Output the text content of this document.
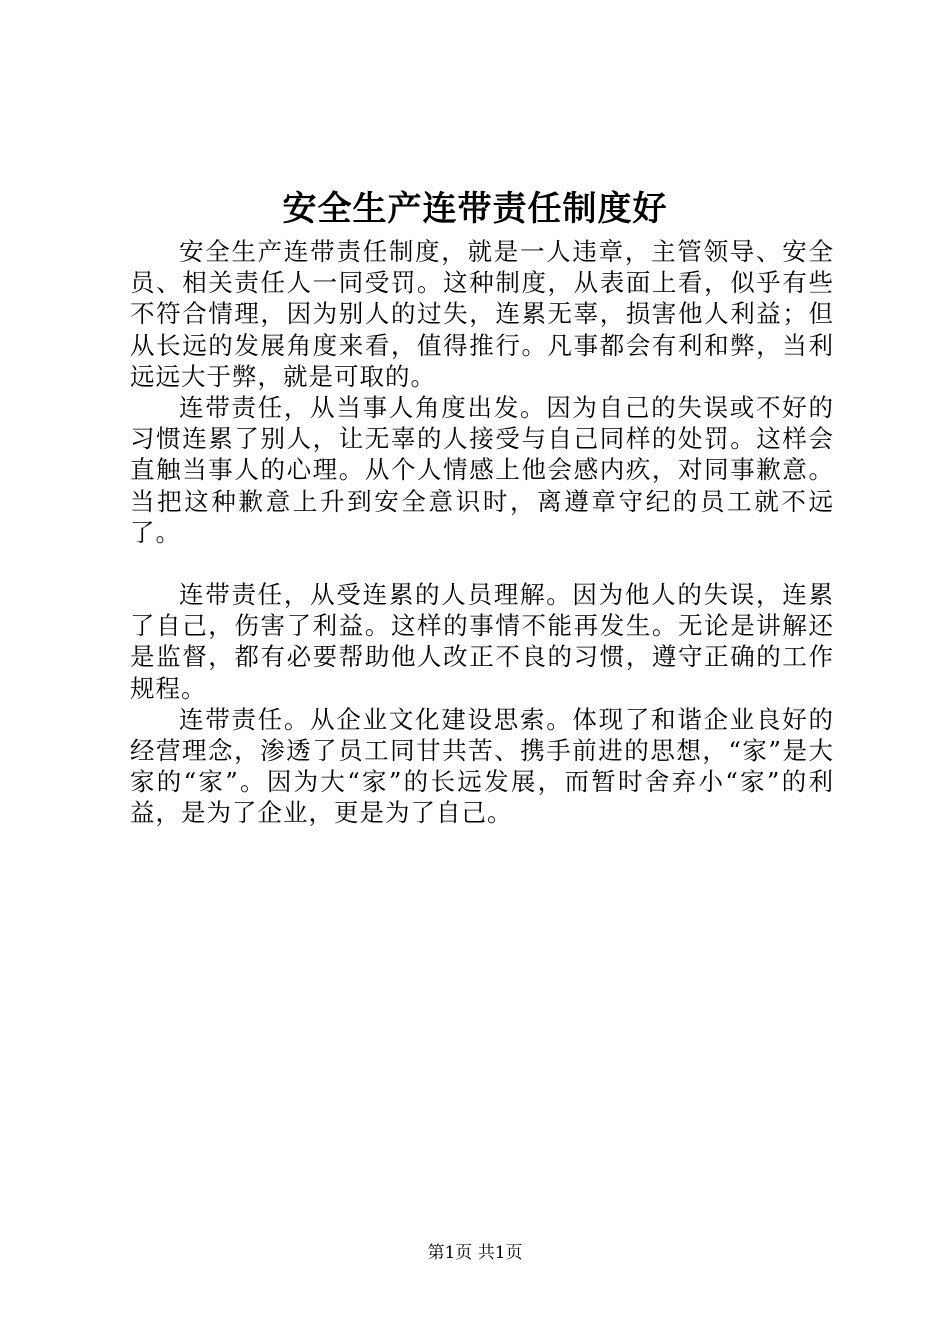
安全生产连带责任制度好

安全生产连带责任制度，就是一人违章，主管领导、安全员、相关责任人一同受罚。这种制度，从表面上看，似乎有些不符合情理，因为别人的过失，连累无辜，损害他人利益；但从长远的发展角度来看，值得推行。凡事都会有利和弊，当利远远大于弊，就是可取的。

连带责任，从当事人角度出发。因为自己的失误或不好的习惯连累了别人，让无辜的人接受与自己同样的处罚。这样会直触当事人的心理。从个人情感上他会感内疚，对同事歉意。当把这种歉意上升到安全意识时，离遵章守纪的员工就不远了。

连带责任，从受连累的人员理解。因为他人的失误，连累了自己，伤害了利益。这样的事情不能再发生。无论是讲解还是监督，都有必要帮助他人改正不良的习惯，遵守正确的工作规程。

连带责任。从企业文化建设思索。体现了和谐企业良好的经营理念，渗透了员工同甘共苦、携手前进的思想，“家”是大家的“家”。因为大“家”的长远发展，而暂时舍弃小“家”的利益，是为了企业，更是为了自己。

第1页 共1页
